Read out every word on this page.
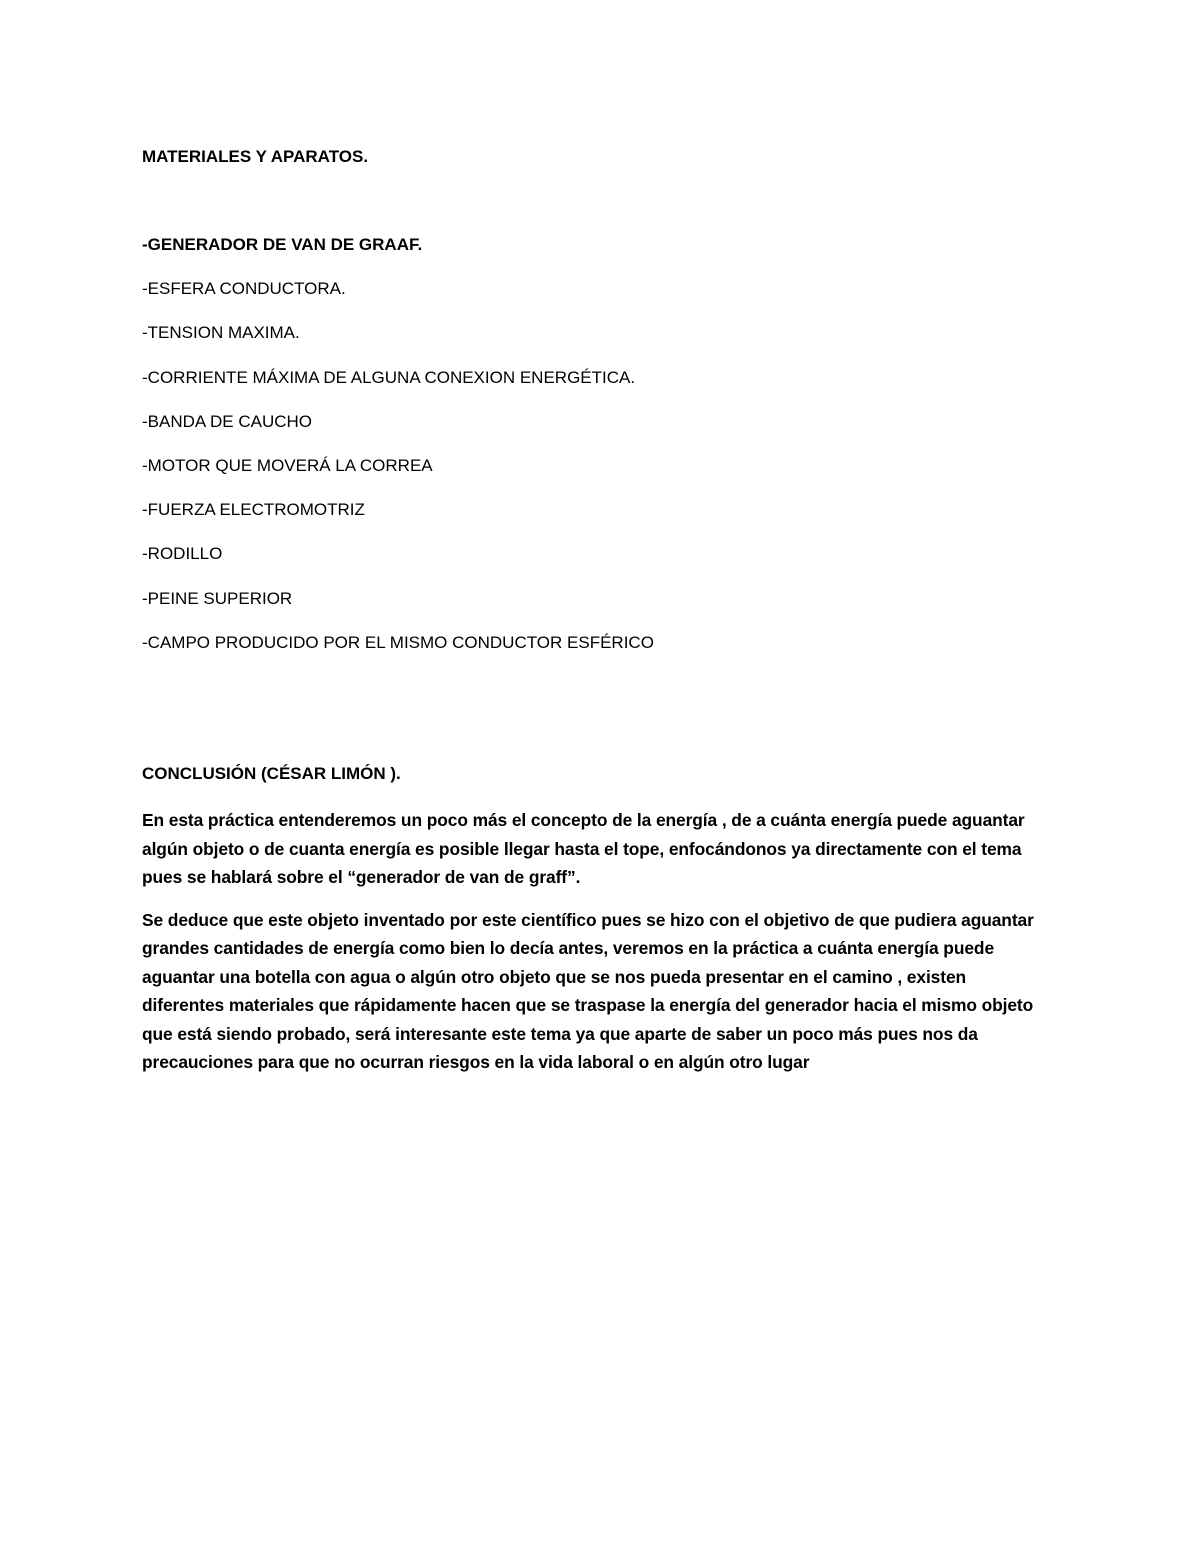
MATERIALES Y APARATOS.
-GENERADOR DE VAN DE GRAAF.
-ESFERA CONDUCTORA.
-TENSION MAXIMA.
-CORRIENTE MÁXIMA DE ALGUNA CONEXION ENERGÉTICA.
-BANDA DE CAUCHO
-MOTOR QUE MOVERÁ LA CORREA
-FUERZA ELECTROMOTRIZ
-RODILLO
-PEINE SUPERIOR
-CAMPO PRODUCIDO POR EL MISMO CONDUCTOR ESFÉRICO
CONCLUSIÓN (CÉSAR LIMÓN ).

En esta práctica entenderemos un poco más el concepto de la energía , de a cuánta energía puede aguantar algún objeto o de cuanta energía es posible llegar hasta el tope, enfocándonos ya directamente con el tema pues se hablará sobre el “generador de van de graff”.

Se deduce que este objeto inventado por este científico pues se hizo con el objetivo de que pudiera aguantar grandes cantidades de energía como bien lo decía antes, veremos en la práctica a cuánta energía puede aguantar una botella con agua o algún otro objeto que se nos pueda presentar en el camino , existen diferentes materiales que rápidamente hacen que se traspase la energía del generador hacia el mismo objeto que está siendo probado, será interesante este tema ya que aparte de saber un poco más pues nos da precauciones para que no ocurran riesgos en la vida laboral o en algún otro lugar
